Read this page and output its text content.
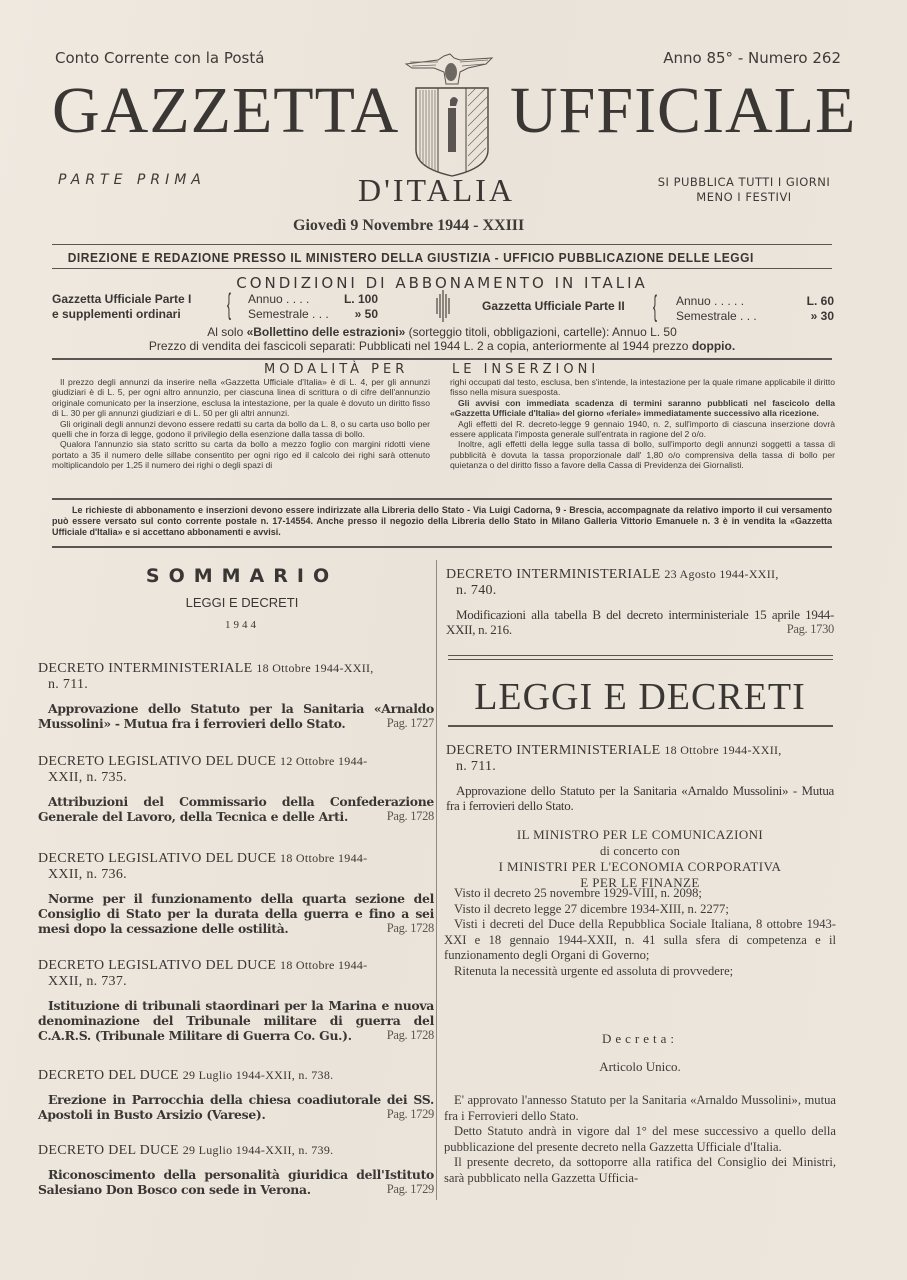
Conto Corrente con la Postá	Anno 85° - Numero 262
GAZZETTA UFFICIALE
PARTE PRIMA	D'ITALIA	SI PUBBLICA TUTTI I GIORNI
MENO I FESTIVI
Giovedì 9 Novembre 1944 - XXIII
DIREZIONE E REDAZIONE PRESSO IL MINISTERO DELLA GIUSTIZIA - UFFICIO PUBBLICAZIONE DELLE LEGGI
CONDIZIONI DI ABBONAMENTO IN ITALIA
Gazzetta Ufficiale Parte I
e supplementi ordinari	{ Annuo . . . .	L. 100
Semestrale . . . » 50
Gazzetta Ufficiale Parte II { Annuo . . . . .	L. 60
Semestrale . . .	» 30
Al solo «Bollettino delle estrazioni» (sorteggio titoli, obbligazioni, cartelle): Annuo L. 50
Prezzo di vendita dei fascicoli separati: Pubblicati nel 1944 L. 2 a copia, anteriormente al 1944 prezzo doppio.
MODALITÀ PER	LE INSERZIONI

Il prezzo degli annunzi da inserire nella «Gazzetta Ufficiale d'Italia» è di L. 4, per gli annunzi giudiziari è di L. 5, per ogni altro annunzio, per ciascuna linea di scrittura o di cifre dell'annunzio originale comunicato per la inserzione, esclusa la intestazione, per la quale è dovuto un diritto fisso di L. 30 per gli annunzi giudiziari e di L. 50 per gli altri annunzi.

Gli originali degli annunzi devono essere redatti su carta da bollo da L. 8, o su carta uso bollo per quelli che in forza di legge, godono il privilegio della esenzione dalla tassa di bollo.

Qualora l'annunzio sia stato scritto su carta da bollo a mezzo foglio con margini ridotti viene portato a 35 il numero delle sillabe consentito per ogni rigo ed il calcolo dei righi sarà ottenuto moltiplicandolo per 1,25 il numero dei righi o degli spazi di

righi occupati dal testo, esclusa, ben s'intende, la intestazione per la quale rimane applicabile il diritto fisso nella misura suesposta.

Gli avvisi con immediata scadenza di termini saranno pubblicati nel fascicolo della «Gazzetta Ufficiale d'Italia» del giorno «feriale» immediatamente successivo alla ricezione.

Agli effetti del R. decreto-legge 9 gennaio 1940, n. 2, sull'importo di ciascuna inserzione dovrà essere applicata l'imposta generale sull'entrata in ragione del 2 o/o.

Inoltre, agli effetti della legge sulla tassa di bollo, sull'importo degli annunzi soggetti a tassa di pubblicità è dovuta la tassa proporzionale dall' 1,80 o/o comprensiva della tassa di bollo per quietanza o del diritto fisso a favore della Cassa di Previdenza dei Giornalisti.

Le richieste di abbonamento e inserzioni devono essere indirizzate alla Libreria dello Stato - Via Luigi Cadorna, 9 - Brescia, accompagnate da relativo importo il cui versamento può essere versato sul conto corrente postale n. 17-14554. Anche presso il negozio della Libreria dello Stato in Milano Galleria Vittorio Emanuele n. 3 è in vendita la «Gazzetta Ufficiale d'Italia» e si accettano abbonamenti e avvisi.
SOMMARIO
LEGGI E DECRETI
1944
DECRETO INTERMINISTERIALE 18 Ottobre 1944-XXII,
n. 711.
Approvazione dello Statuto per la Sanitaria «Arnaldo Mussolini» - Mutua fra i ferrovieri dello Stato.	Pag. 1727
DECRETO LEGISLATIVO DEL DUCE 12 Ottobre 1944-
XXII, n. 735.
Attribuzioni del Commissario della Confederazione Generale del Lavoro, della Tecnica e delle Arti.	Pag. 1728
DECRETO LEGISLATIVO DEL DUCE 18 Ottobre 1944-
XXII, n. 736.
Norme per il funzionamento della quarta sezione del Consiglio di Stato per la durata della guerra e fino a sei mesi dopo la cessazione delle ostilità.	Pag. 1728
DECRETO LEGISLATIVO DEL DUCE 18 Ottobre 1944-
XXII, n. 737.
Istituzione di tribunali staordinari per la Marina e nuova denominazione del Tribunale militare di guerra del C.A.R.S. (Tribunale Militare di Guerra Co. Gu.).	Pag. 1728
DECRETO DEL DUCE 29 Luglio 1944-XXII, n. 738.
Erezione in Parrocchia della chiesa coadiutorale dei SS. Apostoli in Busto Arsizio (Varese).	Pag. 1729
DECRETO DEL DUCE 29 Luglio 1944-XXII, n. 739.
Riconoscimento della personalità giuridica dell'Istituto Salesiano Don Bosco con sede in Verona.	Pag. 1729
DECRETO INTERMINISTERIALE 23 Agosto 1944-XXII,
n. 740.
Modificazioni alla tabella B del decreto interministeriale 15 aprile 1944-XXII, n. 216.	Pag. 1730
LEGGI E DECRETI
DECRETO INTERMINISTERIALE 18 Ottobre 1944-XXII,
n. 711.
Approvazione dello Statuto per la Sanitaria «Arnaldo Mussolini» - Mutua fra i ferrovieri dello Stato.
IL MINISTRO PER LE COMUNICAZIONI
di concerto con
I MINISTRI PER L'ECONOMIA CORPORATIVA
E PER LE FINANZE

Visto il decreto 25 novembre 1929-VIII, n. 2098;

Visto il decreto legge 27 dicembre 1934-XIII, n. 2277;

Visti i decreti del Duce della Repubblica Sociale Italiana, 8 ottobre 1943-XXI e 18 gennaio 1944-XXII, n. 41 sulla sfera di competenza e il funzionamento degli Organi di Governo;

Ritenuta la necessità urgente ed assoluta di provvedere;

Decreta:
Articolo Unico.

E' approvato l'annesso Statuto per la Sanitaria «Arnaldo Mussolini», mutua fra i Ferrovieri dello Stato.

Detto Statuto andrà in vigore dal 1° del mese successivo a quello della pubblicazione del presente decreto nella Gazzetta Ufficiale d'Italia.

Il presente decreto, da sottoporre alla ratifica del Consiglio dei Ministri, sarà pubblicato nella Gazzetta Ufficia-
